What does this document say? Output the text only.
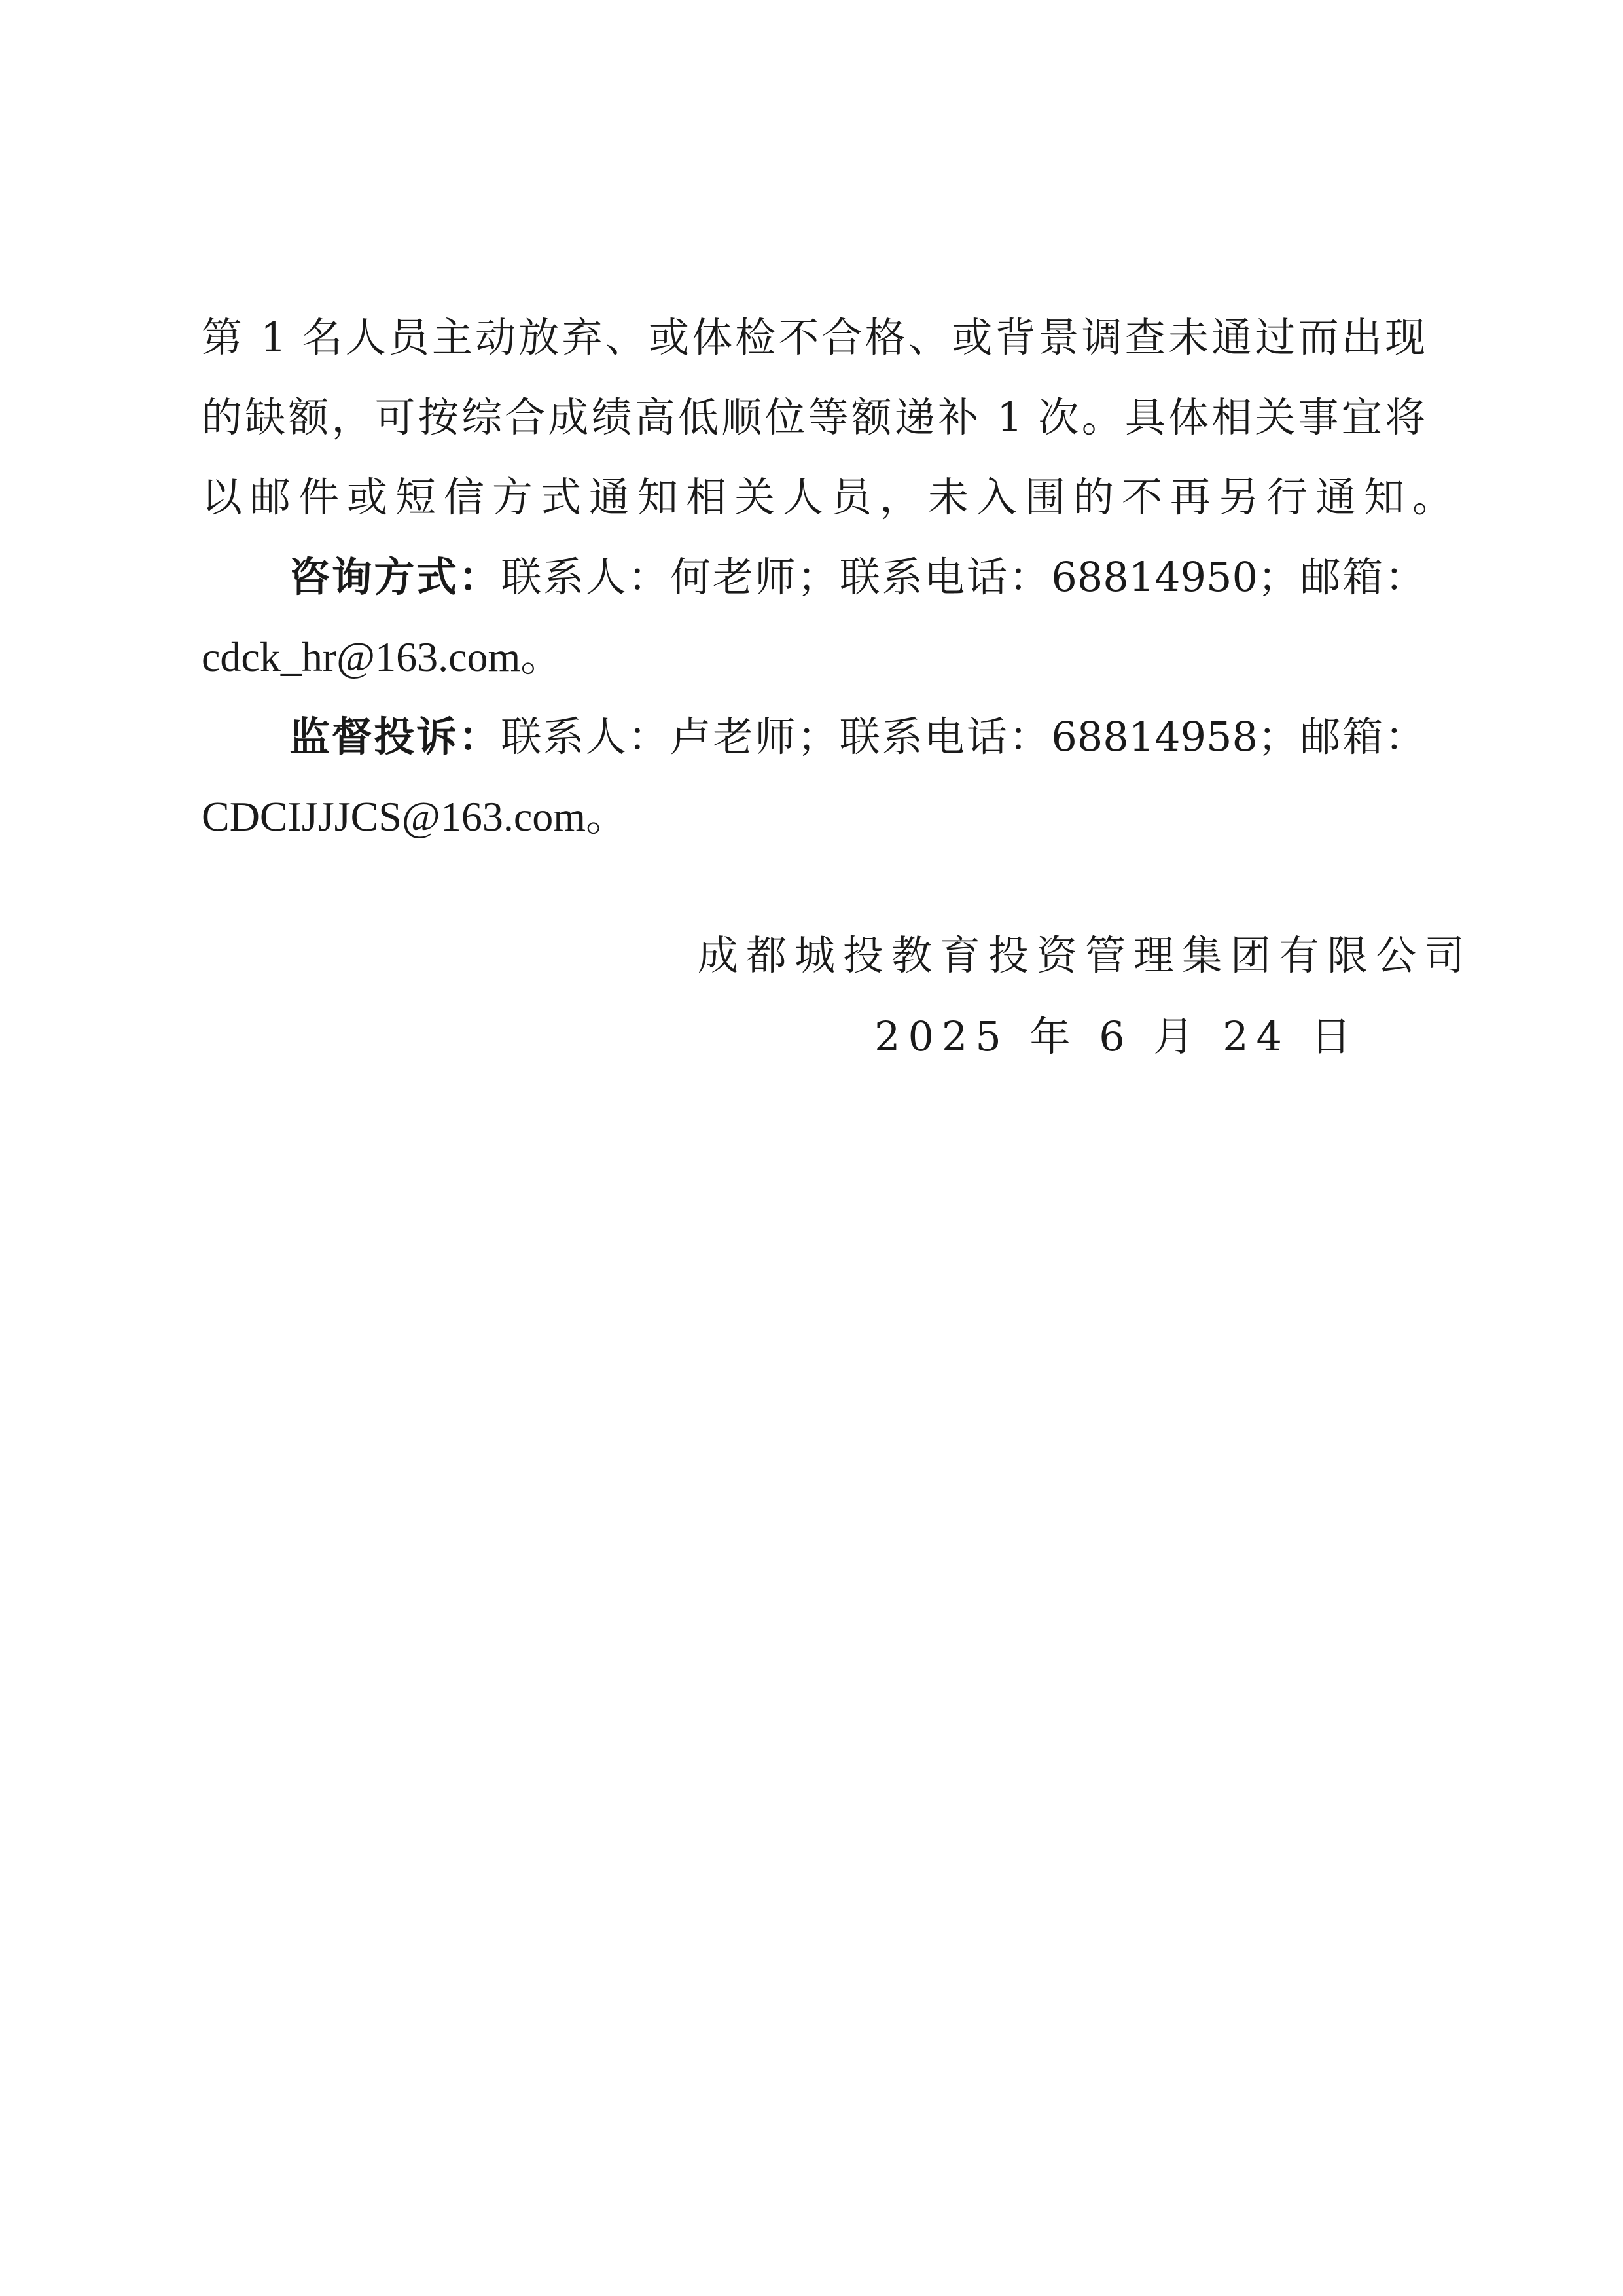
第 1 名人员主动放弃、或体检不合格、或背景调查未通过而出现
的缺额，可按综合成绩高低顺位等额递补 1 次。具体相关事宜将
以邮件或短信方式通知相关人员，未入围的不再另行通知。
咨询方式：联系人：何老师；联系电话：68814950；邮箱：
cdck_hr@163.com。
监督投诉：联系人：卢老师；联系电话：68814958；邮箱：
CDCIJJJCS@163.com。
成都城投教育投资管理集团有限公司
2025 年 6 月 24 日
